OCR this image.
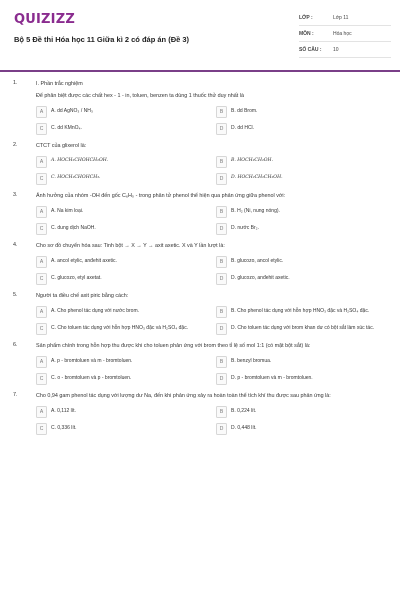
QUIZIZZ
Bộ 5 Đề thi Hóa học 11 Giữa kì 2 có đáp án (Đề 3)
LỚP :	Lớp 11
MÔN :	Hóa học
SỐ CÂU :	10
1.	I. Phần trắc nghiệm
Để phân biệt được các chất hex - 1 - in, toluen, benzen ta dùng 1 thuốc thử duy nhất là
A	A. dd AgNO₃ / NH₃	B	B. dd Brom.
C	C. dd KMnO₄.	D	D. dd HCl.
2.	CTCT của glixerol là:
A	A. HOCH₂CHOHCH₂OH.	B	B. HOCH₂CH₂OH.
C	C. HOCH₂CHOHCH₃.	D	D. HOCH₂CH₂CH₂OH.
3.	Ảnh hưởng của nhóm -OH đến gốc C₆H₅ - trong phân tử phenol thể hiện qua phản ứng giữa phenol với:
A	A. Na kim loại.	B	B. H₂ (Ni, nung nóng).
C	C. dung dịch NaOH.	D	D. nước Br₂.
4.	Cho sơ đồ chuyển hóa sau: Tinh bột → X → Y → axit axetic. X và Y lần lượt là:
A	A. ancol etylic, anđehit axetic.	B	B. glucozo, ancol etylic.
C	C. glucozo, etyl axetat.	D	D. glucozo, anđehit axetic.
5.	Người ta điều chế axit piric bằng cách:
A	A. Cho phenol tác dụng với nước brom.	B	B. Cho phenol tác dụng với hỗn hợp HNO₃ đặc và H₂SO₄ đặc.
C	C. Cho toluen tác dụng với hỗn hợp HNO₃ đặc và H₂SO₄ đặc.	D	D. Cho toluen tác dụng với brom khan dư có bột sắt làm xúc tác.
6.	Sản phẩm chính trong hỗn hợp thu được khi cho toluen phản ứng với brom theo tỉ lệ số mol 1:1 (có mặt bột sắt) là:
A	A. p - bromtoluen và m - bromtoluen.	B	B. benzyl bromua.
C	C. o - bromtoluen và p - bromtoluen.	D	D. p - bromtoluen và m - bromtoluen.
7.	Cho 0,94 gam phenol tác dụng với lượng dư Na, đến khi phản ứng xảy ra hoàn toàn thể tích khí thu được sau phản ứng là:
A	A. 0,112 lít.	B	B. 0,224 lít.
C	C. 0,336 lít.	D	D. 0,448 lít.
